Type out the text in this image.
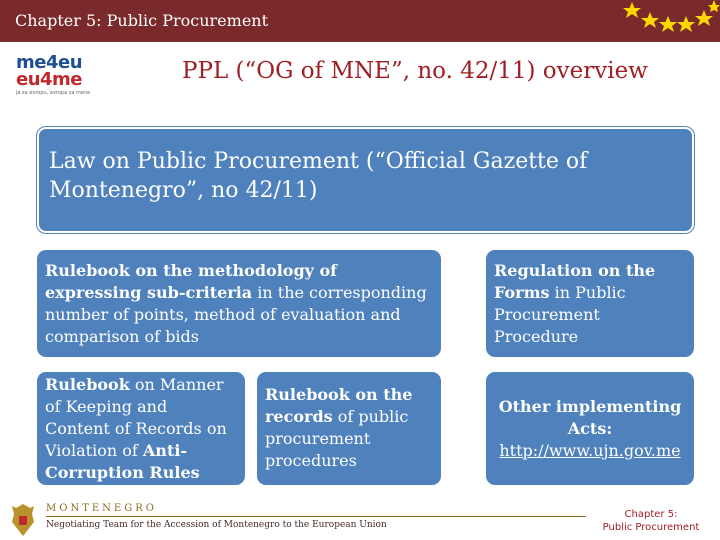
Chapter 5: Public Procurement
me4eu
eu4me
ja za evropu, evropa za mene
PPL (“OG of MNE”, no. 42/11) overview
Law on Public Procurement (“Official Gazette of Montenegro”, no 42/11)
Rulebook on the methodology of expressing sub-criteria in the corresponding number of points, method of evaluation and comparison of bids
Regulation on the Forms in Public Procurement Procedure
Rulebook on Manner of Keeping and Content of Records on Violation of Anti-Corruption Rules
Rulebook on the records of public procurement procedures
Other implementing Acts:
http://www.ujn.gov.me
MONTENEGRO
Negotiating Team for the Accession of Montenegro to the European Union
Chapter 5:
Public Procurement
